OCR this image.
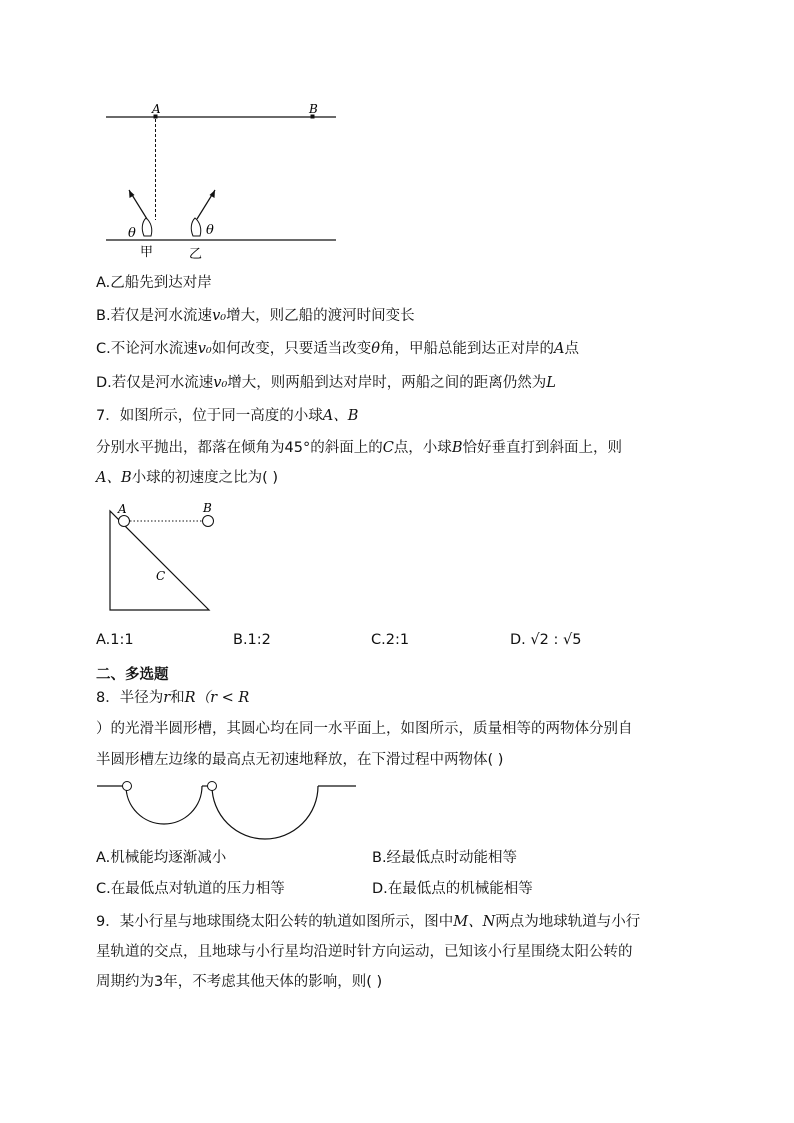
A	B
θ	θ
甲	乙
A.乙船先到达对岸
B.若仅是河水流速v₀增大，则乙船的渡河时间变长
C.不论河水流速v₀如何改变，只要适当改变θ角，甲船总能到达正对岸的A点
D.若仅是河水流速v₀增大，则两船到达对岸时，两船之间的距离仍然为L
7．如图所示，位于同一高度的小球A、B
分别水平抛出，都落在倾角为45°的斜面上的C点，小球B恰好垂直打到斜面上，则
A、B小球的初速度之比为( )
A	B
C
A.1:1	B.1:2	C.2:1	D. √2 : √5
二、多选题
8．半径为r和R（r < R
）的光滑半圆形槽，其圆心均在同一水平面上，如图所示，质量相等的两物体分别自
半圆形槽左边缘的最高点无初速地释放，在下滑过程中两物体( )
A.机械能均逐渐减小	B.经最低点时动能相等
C.在最低点对轨道的压力相等	D.在最低点的机械能相等
9．某小行星与地球围绕太阳公转的轨道如图所示，图中M、N两点为地球轨道与小行
星轨道的交点，且地球与小行星均沿逆时针方向运动，已知该小行星围绕太阳公转的
周期约为3年，不考虑其他天体的影响，则( )
